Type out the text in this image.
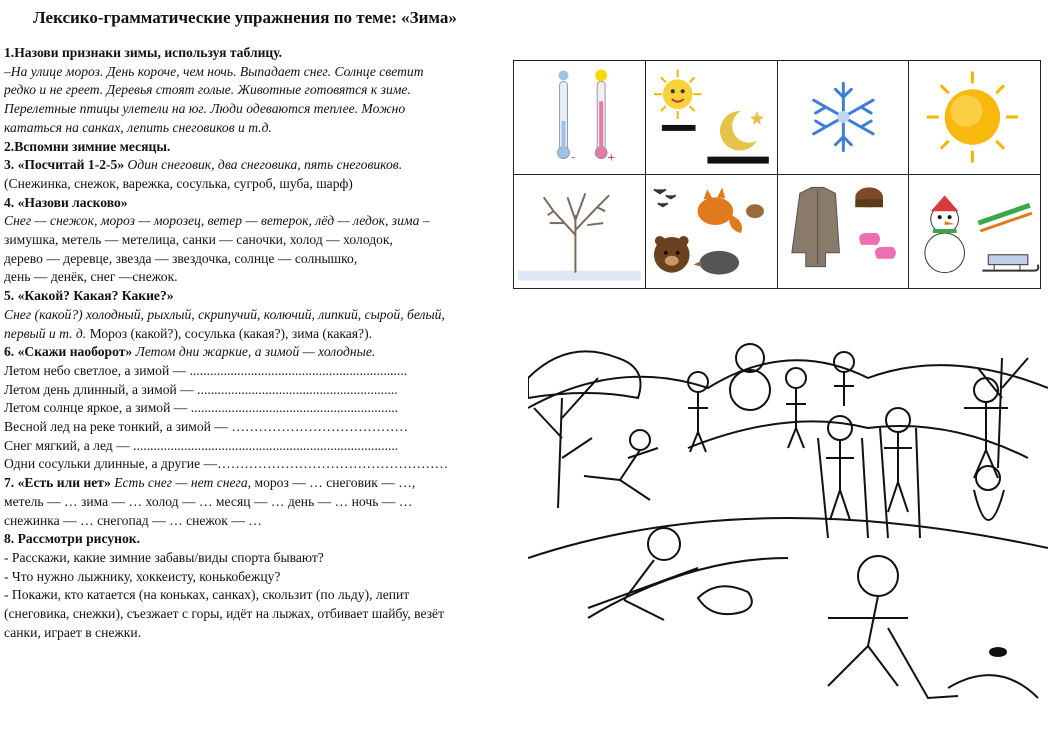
Лексико-грамматические упражнения по теме: «Зима»
1.Назови признаки зимы, используя таблицу.
–На улице мороз. День короче, чем ночь. Выпадает снег. Солнце светит
редко и не греет. Деревья стоят голые. Животные готовятся к зиме.
Перелетные птицы улетели на юг. Люди одеваются теплее. Можно
кататься на санках, лепить снеговиков и т.д.
2.Вспомни зимние месяцы.
3. «Посчитай 1-2-5» Один снеговик, два снеговика, пять снеговиков.
(Снежинка, снежок, варежка, сосулька, сугроб, шуба, шарф)
4. «Назови ласково»
Снег — снежок, мороз — морозец, ветер — ветерок, лёд — ледок, зима –
зимушка, метель — метелица, санки — саночки, холод — холодок,
дерево — деревце, звезда — звездочка, солнце — солнышко,
день — денёк, снег —снежок.
5. «Какой? Какая? Какие?»
Снег (какой?) холодный, рыхлый, скрипучий, колючий, липкий, сырой, белый,
первый и т. д. Мороз (какой?), сосулька (какая?), зима (какая?).
6. «Скажи наоборот» Летом дни жаркие, а зимой — холодные.
Летом небо светлое, а зимой — ................................................................
Летом день длинный, а зимой — ...........................................................
Летом солнце яркое, а зимой — .............................................................
Весной лед на реке тонкий, а зимой — …………………………………
Снег мягкий, а лед — ..............................................................................
Одни сосульки длинные, а другие —……………………………………………
7. «Есть или нет» Есть снег — нет снега, мороз — … снеговик — …,
метель — … зима — … холод — … месяц — … день — … ночь — …
снежинка — … снегопад — … снежок — …
8. Рассмотри рисунок.
- Расскажи, какие зимние забавы/виды спорта бывают?
- Что нужно лыжнику, хоккеисту, конькобежцу?
- Покажи, кто катается (на коньках, санках), скользит (по льду), лепит
(снеговика, снежки), съезжает с горы, идёт на лыжах, отбивает шайбу, везёт
санки, играет в снежки.
- +
